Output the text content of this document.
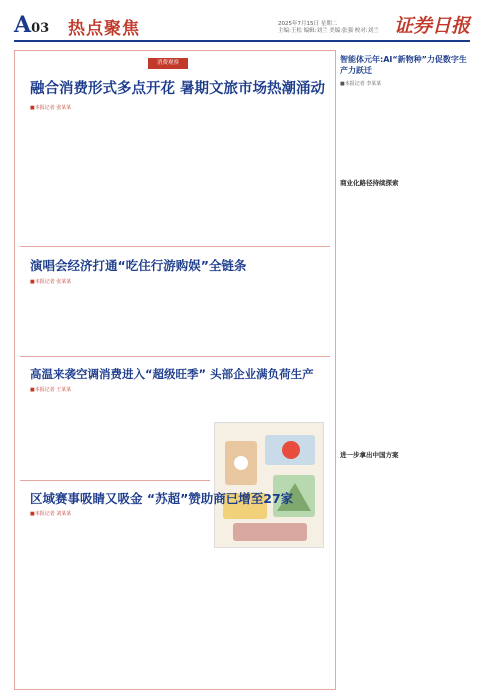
A03 热点聚焦	2025年7月15日 星期二
主编:王松 编辑:刘兰 美编:张强 校对:刘兰 证券日报
消费观察
融合消费形式多点开花 暑期文旅市场热潮涌动
■本报记者 张某某
演唱会经济打通“吃住行游购娱”全链条
■本报记者 张某某
高温来袭空调消费进入“超级旺季” 头部企业满负荷生产
■本报记者 王某某
区域赛事吸睛又吸金 “苏超”赞助商已增至27家
■本报记者 刘某某
智能体元年:AI“新物种”力促数字生产力跃迁
■本报记者 李某某
商业化路径持续探索
进一步拿出中国方案
